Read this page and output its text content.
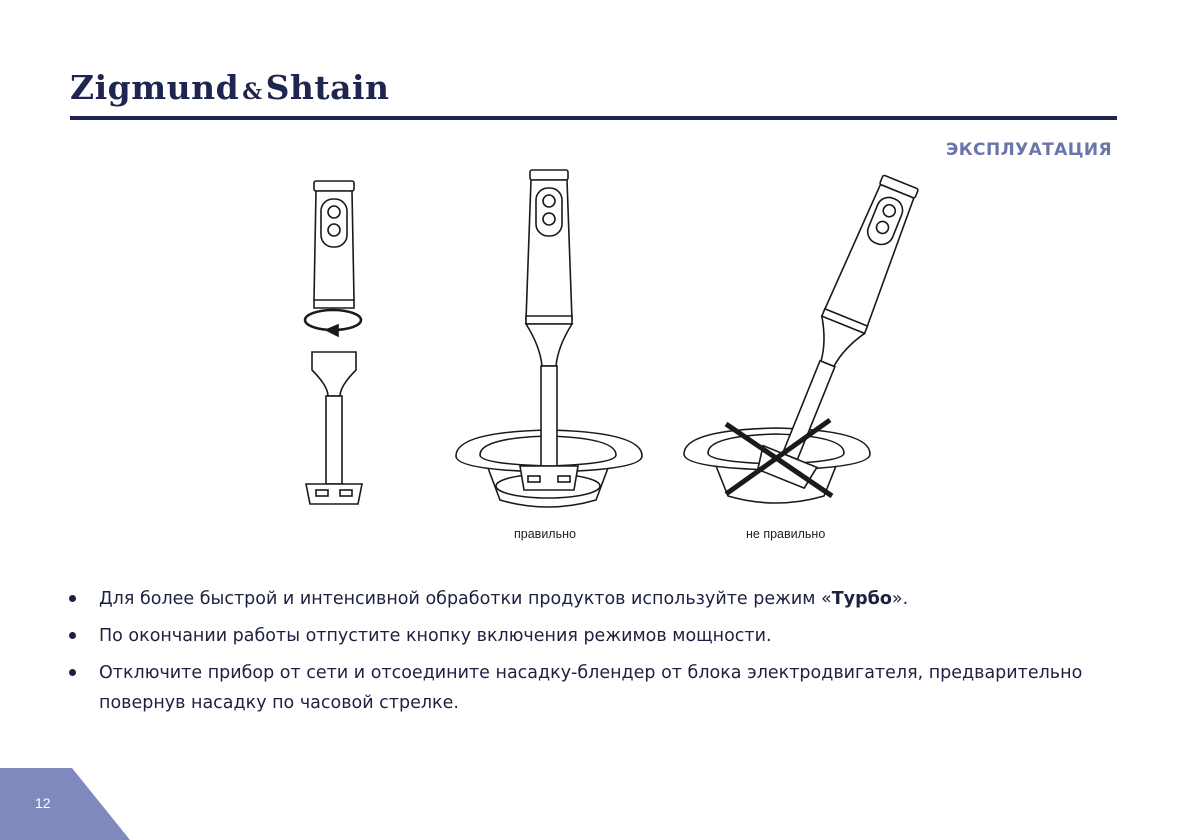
Zigmund &Shtain
ЭКСПЛУАТАЦИЯ
правильно	не правильно
Для более быстрой и интенсивной обработки продуктов используйте режим «Турбо».
По окончании работы отпустите кнопку включения режимов мощности.
Отключите прибор от сети и отсоедините насадку-блендер от блока электродвигателя, предварительно повернув насадку по часовой стрелке.
12
